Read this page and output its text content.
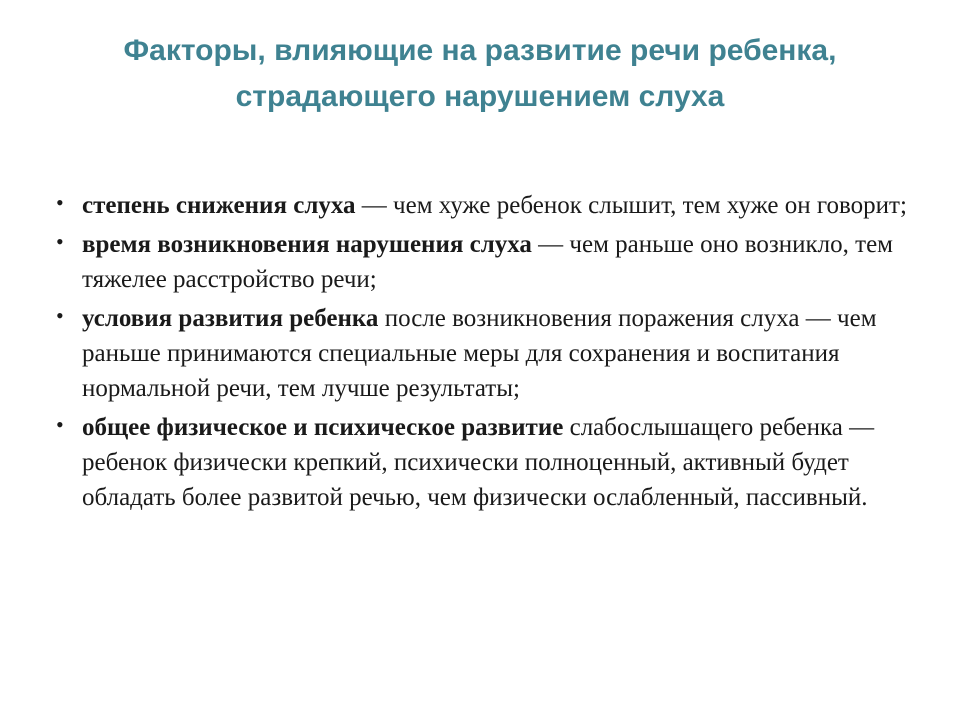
Факторы, влияющие на развитие речи ребенка,
страдающего нарушением слуха
• степень снижения слуха — чем хуже ребенок слышит, тем хуже он говорит;
• время возникновения нарушения слуха — чем раньше оно возникло, тем тяжелее расстройство речи;
• условия развития ребенка после возникновения поражения слуха — чем раньше принимаются специальные меры для сохранения и воспитания нормальной речи, тем лучше результаты;
• общее физическое и психическое развитие слабослышащего ребенка — ребенок физически крепкий, психически полноценный, активный будет обладать более развитой речью, чем физически ослабленный, пассивный.
